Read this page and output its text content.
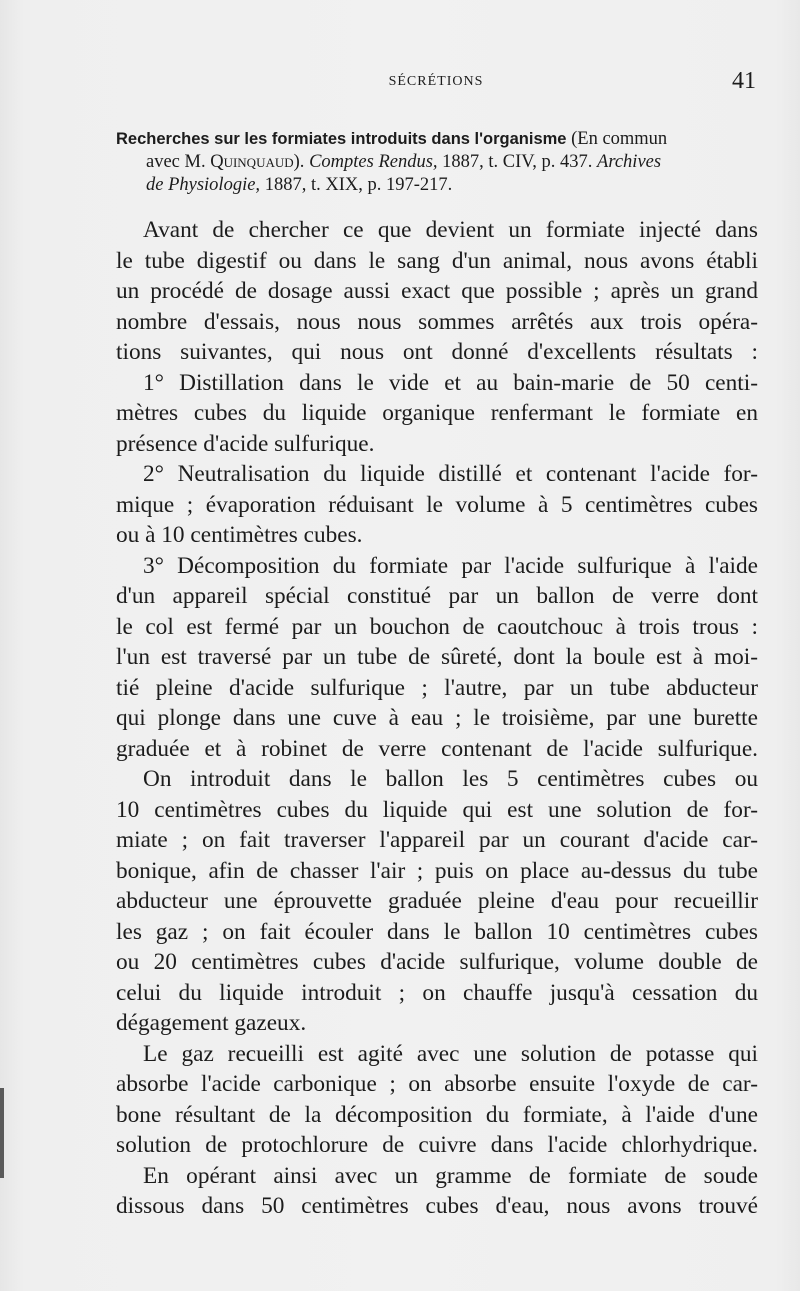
SÉCRÉTIONS	41

Recherches sur les formiates introduits dans l'organisme (En commun
avec M. Quinquaud). Comptes Rendus, 1887, t. CIV, p. 437. Archives
de Physiologie, 1887, t. XIX, p. 197-217.

Avant de chercher ce que devient un formiate injecté dans
le tube digestif ou dans le sang d'un animal, nous avons établi
un procédé de dosage aussi exact que possible ; après un grand
nombre d'essais, nous nous sommes arrêtés aux trois opéra-
tions suivantes, qui nous ont donné d'excellents résultats :
1° Distillation dans le vide et au bain-marie de 50 centi-
mètres cubes du liquide organique renfermant le formiate en
présence d'acide sulfurique.
2° Neutralisation du liquide distillé et contenant l'acide for-
mique ; évaporation réduisant le volume à 5 centimètres cubes
ou à 10 centimètres cubes.
3° Décomposition du formiate par l'acide sulfurique à l'aide
d'un appareil spécial constitué par un ballon de verre dont
le col est fermé par un bouchon de caoutchouc à trois trous :
l'un est traversé par un tube de sûreté, dont la boule est à moi-
tié pleine d'acide sulfurique ; l'autre, par un tube abducteur
qui plonge dans une cuve à eau ; le troisième, par une burette
graduée et à robinet de verre contenant de l'acide sulfurique.
On introduit dans le ballon les 5 centimètres cubes ou
10 centimètres cubes du liquide qui est une solution de for-
miate ; on fait traverser l'appareil par un courant d'acide car-
bonique, afin de chasser l'air ; puis on place au-dessus du tube
abducteur une éprouvette graduée pleine d'eau pour recueillir
les gaz ; on fait écouler dans le ballon 10 centimètres cubes
ou 20 centimètres cubes d'acide sulfurique, volume double de
celui du liquide introduit ; on chauffe jusqu'à cessation du
dégagement gazeux.
Le gaz recueilli est agité avec une solution de potasse qui
absorbe l'acide carbonique ; on absorbe ensuite l'oxyde de car-
bone résultant de la décomposition du formiate, à l'aide d'une
solution de protochlorure de cuivre dans l'acide chlorhydrique.
En opérant ainsi avec un gramme de formiate de soude
dissous dans 50 centimètres cubes d'eau, nous avons trouvé
